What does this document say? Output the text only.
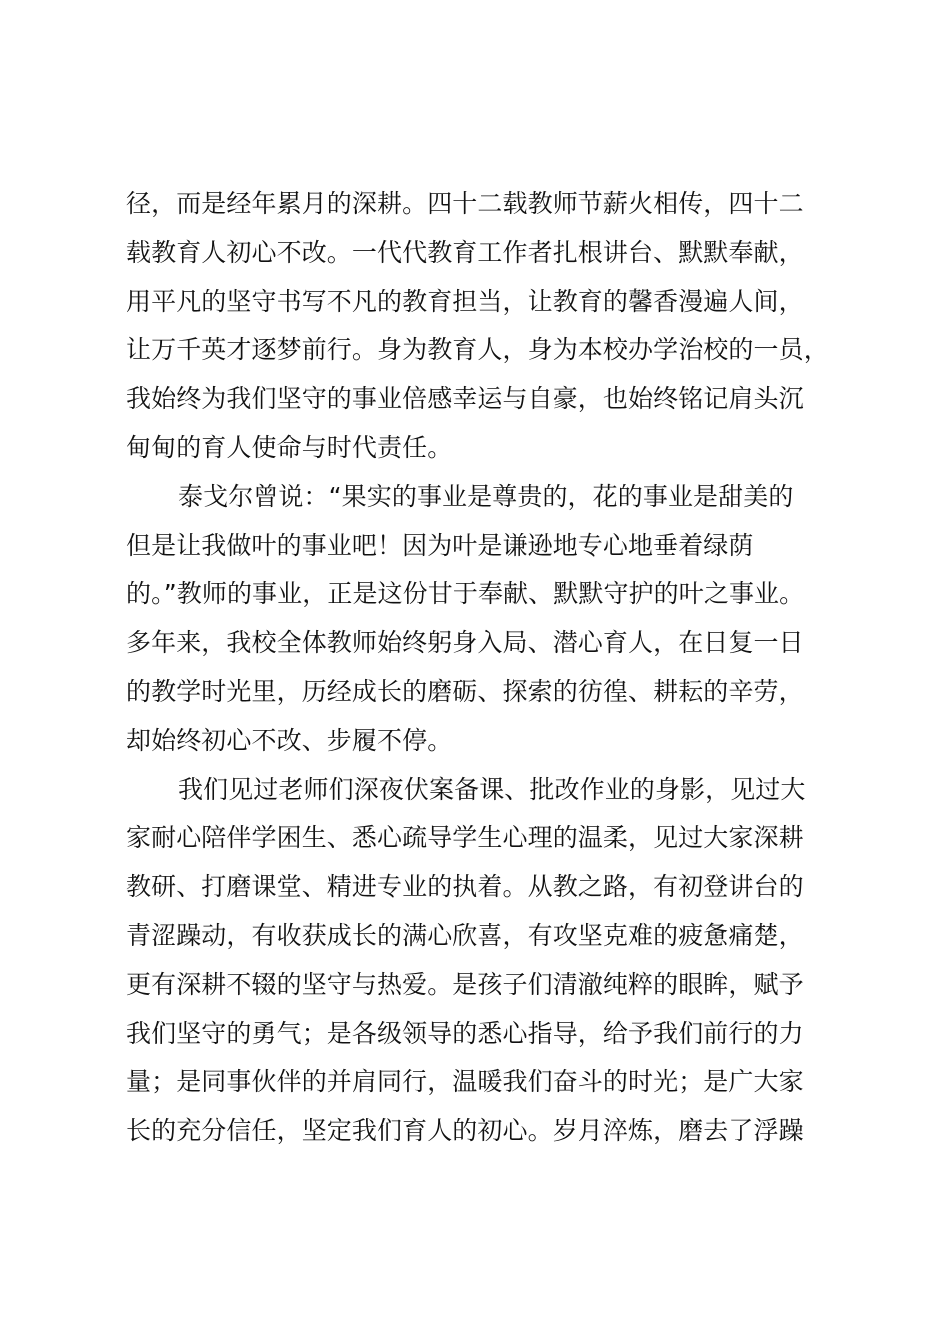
径，而是经年累月的深耕。四十二载教师节薪火相传，四十二
载教育人初心不改。一代代教育工作者扎根讲台、默默奉献，
用平凡的坚守书写不凡的教育担当，让教育的馨香漫遍人间，
让万千英才逐梦前行。身为教育人，身为本校办学治校的一员，
我始终为我们坚守的事业倍感幸运与自豪，也始终铭记肩头沉
甸甸的育人使命与时代责任。
泰戈尔曾说：“果实的事业是尊贵的，花的事业是甜美的
但是让我做叶的事业吧！因为叶是谦逊地专心地垂着绿荫
的。”教师的事业，正是这份甘于奉献、默默守护的叶之事业。
多年来，我校全体教师始终躬身入局、潜心育人，在日复一日
的教学时光里，历经成长的磨砺、探索的彷徨、耕耘的辛劳，
却始终初心不改、步履不停。
我们见过老师们深夜伏案备课、批改作业的身影，见过大
家耐心陪伴学困生、悉心疏导学生心理的温柔，见过大家深耕
教研、打磨课堂、精进专业的执着。从教之路，有初登讲台的
青涩躁动，有收获成长的满心欣喜，有攻坚克难的疲惫痛楚，
更有深耕不辍的坚守与热爱。是孩子们清澈纯粹的眼眸，赋予
我们坚守的勇气；是各级领导的悉心指导，给予我们前行的力
量；是同事伙伴的并肩同行，温暖我们奋斗的时光；是广大家
长的充分信任，坚定我们育人的初心。岁月淬炼，磨去了浮躁
